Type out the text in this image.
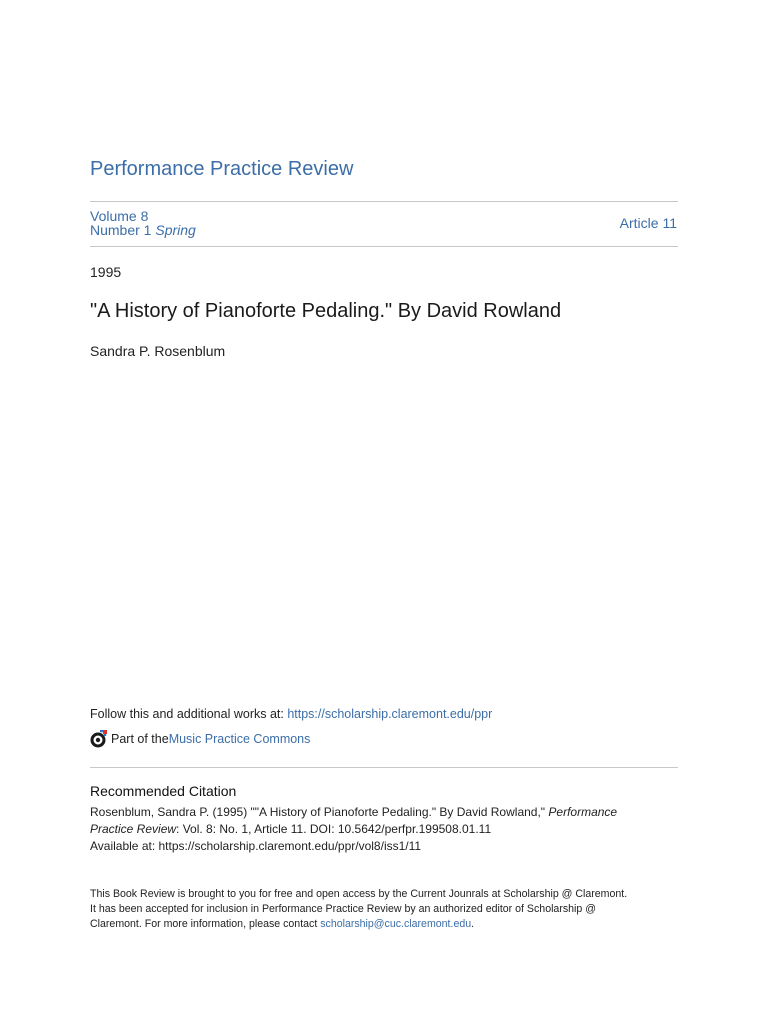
Performance Practice Review
Volume 8
Number 1 Spring	Article 11
1995
"A History of Pianoforte Pedaling." By David Rowland
Sandra P. Rosenblum
Follow this and additional works at: https://scholarship.claremont.edu/ppr
Part of the Music Practice Commons
Recommended Citation
Rosenblum, Sandra P. (1995) ""A History of Pianoforte Pedaling." By David Rowland," Performance
Practice Review: Vol. 8: No. 1, Article 11. DOI: 10.5642/perfpr.199508.01.11
Available at: https://scholarship.claremont.edu/ppr/vol8/iss1/11
This Book Review is brought to you for free and open access by the Current Jounrals at Scholarship @ Claremont.
It has been accepted for inclusion in Performance Practice Review by an authorized editor of Scholarship @
Claremont. For more information, please contact scholarship@cuc.claremont.edu.
